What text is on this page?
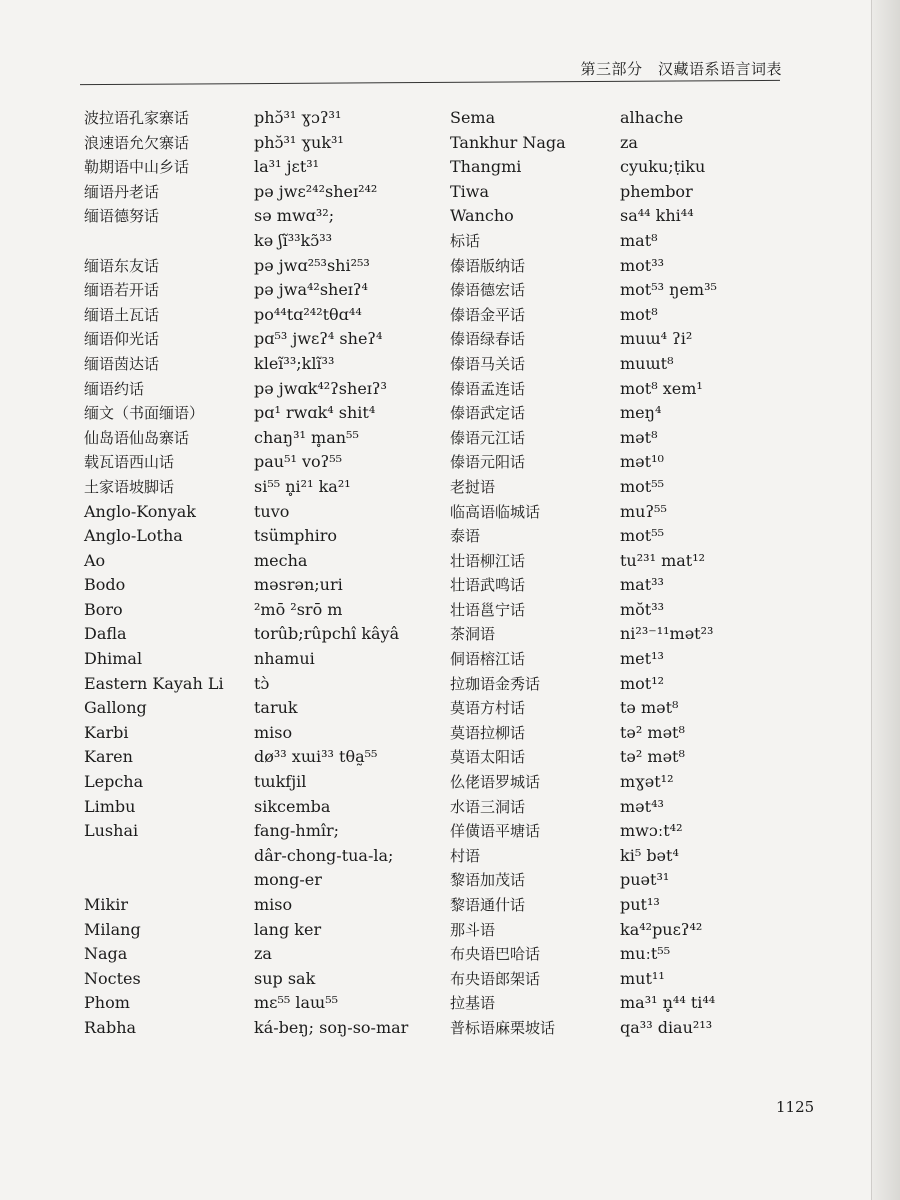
第三部分　汉藏语系语言词表
波拉语孔家寨话
浪速语允欠寨话
勒期语中山乡话
缅语丹老话
缅语德努话
缅语东友话
缅语若开话
缅语土瓦话
缅语仰光话
缅语茵达话
缅语约话
缅文（书面缅语）
仙岛语仙岛寨话
载瓦语西山话
土家语坡脚话
Anglo-Konyak
Anglo-Lotha
Ao
Bodo
Boro
Dafla
Dhimal
Eastern Kayah Li
Gallong
Karbi
Karen
Lepcha
Limbu
Lushai
Mikir
Milang
Naga
Noctes
Phom
Rabha
phɔ̆³¹ ɣɔʔ³¹
phɔ̆³¹ ɣuk³¹
la³¹ jɛt³¹
pə jwɛ²⁴²sheɪ²⁴²
sə mwɑ³²;
kə ʃĩ³³kɔ̃³³
pə jwɑ²⁵³shi²⁵³
pə jwa⁴²sheɪʔ⁴
po⁴⁴tɑ²⁴²tθɑ⁴⁴
pɑ⁵³ jwɛʔ⁴ sheʔ⁴
kleĩ³³;klĩ³³
pə jwɑk⁴²ʔsheɪʔ³
pɑ¹ rwɑk⁴ shit⁴
chaŋ³¹ m̥an⁵⁵
pau⁵¹ voʔ⁵⁵
si⁵⁵ n̥i²¹ ka²¹
tuvo
tsümphiro
mecha
məsrən;uri
²mō ²srō m
torûb;rûpchî kâyâ
nhamui
tɔ̀
taruk
miso
dø³³ xɯi³³ tθa̰⁵⁵
tɯkfjil
sikcemba
fang-hmîr;
dâr-chong-tua-la;
mong-er
miso
lang ker
za
sup sak
mɛ⁵⁵ laɯ⁵⁵
ká-beŋ; soŋ-so-mar
Sema
Tankhur Naga
Thangmi
Tiwa
Wancho
标话
傣语版纳话
傣语德宏话
傣语金平话
傣语绿春话
傣语马关话
傣语孟连话
傣语武定话
傣语元江话
傣语元阳话
老挝语
临高语临城话
泰语
壮语柳江话
壮语武鸣话
壮语邕宁话
茶洞语
侗语榕江话
拉珈语金秀话
莫语方村话
莫语拉柳话
莫语太阳话
仫佬语罗城话
水语三洞话
佯僙语平塘话
村语
黎语加茂话
黎语通什话
那斗语
布央语巴哈话
布央语郎架话
拉基语
普标语麻栗坡话
alhache
za
cyuku;ṭiku
phembor
sa⁴⁴ khi⁴⁴
mat⁸
mot³³
mot⁵³ ŋem³⁵
mot⁸
muɯ⁴ ʔi²
muɯt⁸
mot⁸ xem¹
meŋ⁴
mət⁸
mət¹⁰
mot⁵⁵
muʔ⁵⁵
mot⁵⁵
tu²³¹ mat¹²
mat³³
mŏt³³
ni²³⁻¹¹mət²³
met¹³
mot¹²
tə mət⁸
tə² mət⁸
tə² mət⁸
mɣət¹²
mət⁴³
mwɔːt⁴²
ki⁵ bət⁴
puət³¹
put¹³
ka⁴²puɛʔ⁴²
muːt⁵⁵
mut¹¹
ma³¹ n̥⁴⁴ ti⁴⁴
qa³³ diau²¹³
1125
